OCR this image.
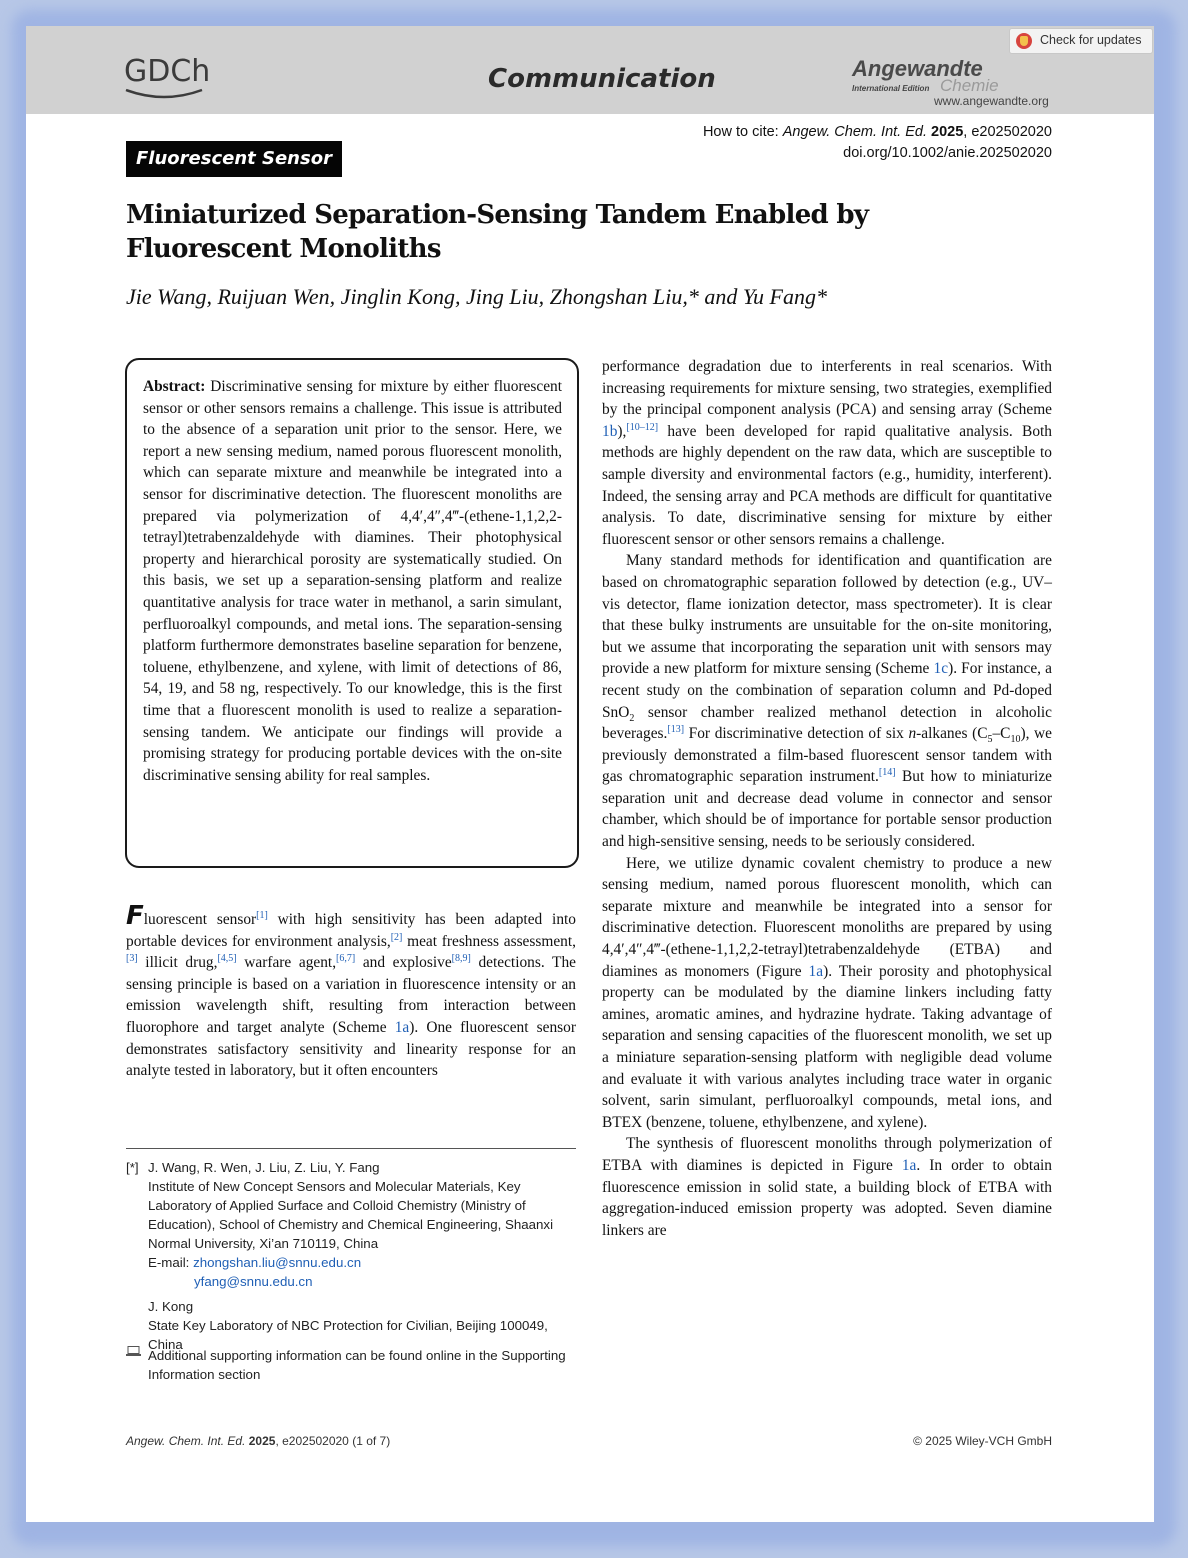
GDCh	Communication	Angewandte
International Edition Chemie
www.angewandte.org
Check for updates
How to cite: Angew. Chem. Int. Ed. 2025, e202502020
doi.org/10.1002/anie.202502020
Fluorescent Sensor
Miniaturized Separation-Sensing Tandem Enabled by Fluorescent Monoliths
Jie Wang, Ruijuan Wen, Jinglin Kong, Jing Liu, Zhongshan Liu,* and Yu Fang*
Abstract: Discriminative sensing for mixture by either fluorescent sensor or other sensors remains a challenge. This issue is attributed to the absence of a separation unit prior to the sensor. Here, we report a new sensing medium, named porous fluorescent monolith, which can separate mixture and meanwhile be integrated into a sensor for discriminative detection. The fluorescent monoliths are prepared via polymerization of 4,4′,4″,4‴-(ethene-1,1,2,2-tetrayl)tetrabenzaldehyde with diamines. Their photophysical property and hierarchical porosity are systematically studied. On this basis, we set up a separation-sensing platform and realize quantitative analysis for trace water in methanol, a sarin simulant, perfluoroalkyl compounds, and metal ions. The separation-sensing platform furthermore demonstrates baseline separation for benzene, toluene, ethylbenzene, and xylene, with limit of detections of 86, 54, 19, and 58 ng, respectively. To our knowledge, this is the first time that a fluorescent monolith is used to realize a separation-sensing tandem. We anticipate our findings will provide a promising strategy for producing portable devices with the on-site discriminative sensing ability for real samples.

Fluorescent sensor[1] with high sensitivity has been adapted into portable devices for environment analysis,[2] meat freshness assessment,[3] illicit drug,[4,5] warfare agent,[6,7] and explosive[8,9] detections. The sensing principle is based on a variation in fluorescence intensity or an emission wavelength shift, resulting from interaction between fluorophore and target analyte (Scheme 1a). One fluorescent sensor demonstrates satisfactory sensitivity and linearity response for an analyte tested in laboratory, but it often encounters

performance degradation due to interferents in real scenarios. With increasing requirements for mixture sensing, two strategies, exemplified by the principal component analysis (PCA) and sensing array (Scheme 1b),[10–12] have been developed for rapid qualitative analysis. Both methods are highly dependent on the raw data, which are susceptible to sample diversity and environmental factors (e.g., humidity, interferent). Indeed, the sensing array and PCA methods are difficult for quantitative analysis. To date, discriminative sensing for mixture by either fluorescent sensor or other sensors remains a challenge.

Many standard methods for identification and quantification are based on chromatographic separation followed by detection (e.g., UV–vis detector, flame ionization detector, mass spectrometer). It is clear that these bulky instruments are unsuitable for the on-site monitoring, but we assume that incorporating the separation unit with sensors may provide a new platform for mixture sensing (Scheme 1c). For instance, a recent study on the combination of separation column and Pd-doped SnO$_2$ sensor chamber realized methanol detection in alcoholic beverages.[13] For discriminative detection of six n-alkanes $(C_5-C_{10})$, we previously demonstrated a film-based fluorescent sensor tandem with gas chromatographic separation instrument.[14] But how to miniaturize separation unit and decrease dead volume in connector and sensor chamber, which should be of importance for portable sensor production and high-sensitive sensing, needs to be seriously considered.

Here, we utilize dynamic covalent chemistry to produce a new sensing medium, named porous fluorescent monolith, which can separate mixture and meanwhile be integrated into a sensor for discriminative detection. Fluorescent monoliths are prepared by using 4,4′,4″,4‴-(ethene-1,1,2,2-tetrayl)tetrabenzaldehyde (ETBA) and diamines as monomers (Figure 1a). Their porosity and photophysical property can be modulated by the diamine linkers including fatty amines, aromatic amines, and hydrazine hydrate. Taking advantage of separation and sensing capacities of the fluorescent monolith, we set up a miniature separation-sensing platform with negligible dead volume and evaluate it with various analytes including trace water in organic solvent, sarin simulant, perfluoroalkyl compounds, metal ions, and BTEX (benzene, toluene, ethylbenzene, and xylene).

The synthesis of fluorescent monoliths through polymerization of ETBA with diamines is depicted in Figure 1a. In order to obtain fluorescence emission in solid state, a building block of ETBA with aggregation-induced emission property was adopted. Seven diamine linkers are

[*] J. Wang, R. Wen, J. Liu, Z. Liu, Y. Fang
Institute of New Concept Sensors and Molecular Materials, Key Laboratory of Applied Surface and Colloid Chemistry (Ministry of Education), School of Chemistry and Chemical Engineering, Shaanxi Normal University, Xi’an 710119, China
E-mail: zhongshan.liu@snnu.edu.cn
yfang@snnu.edu.cn
J. Kong
State Key Laboratory of NBC Protection for Civilian, Beijing 100049, China
Additional supporting information can be found online in the Supporting Information section
Angew. Chem. Int. Ed. 2025, e202502020 (1 of 7)	© 2025 Wiley-VCH GmbH
